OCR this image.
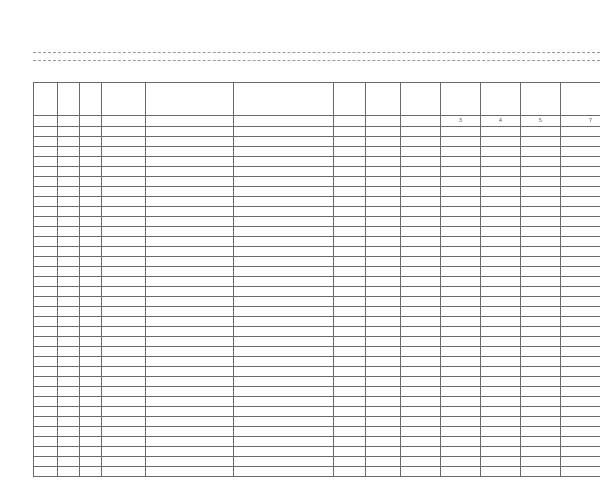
									3	4	5	7
